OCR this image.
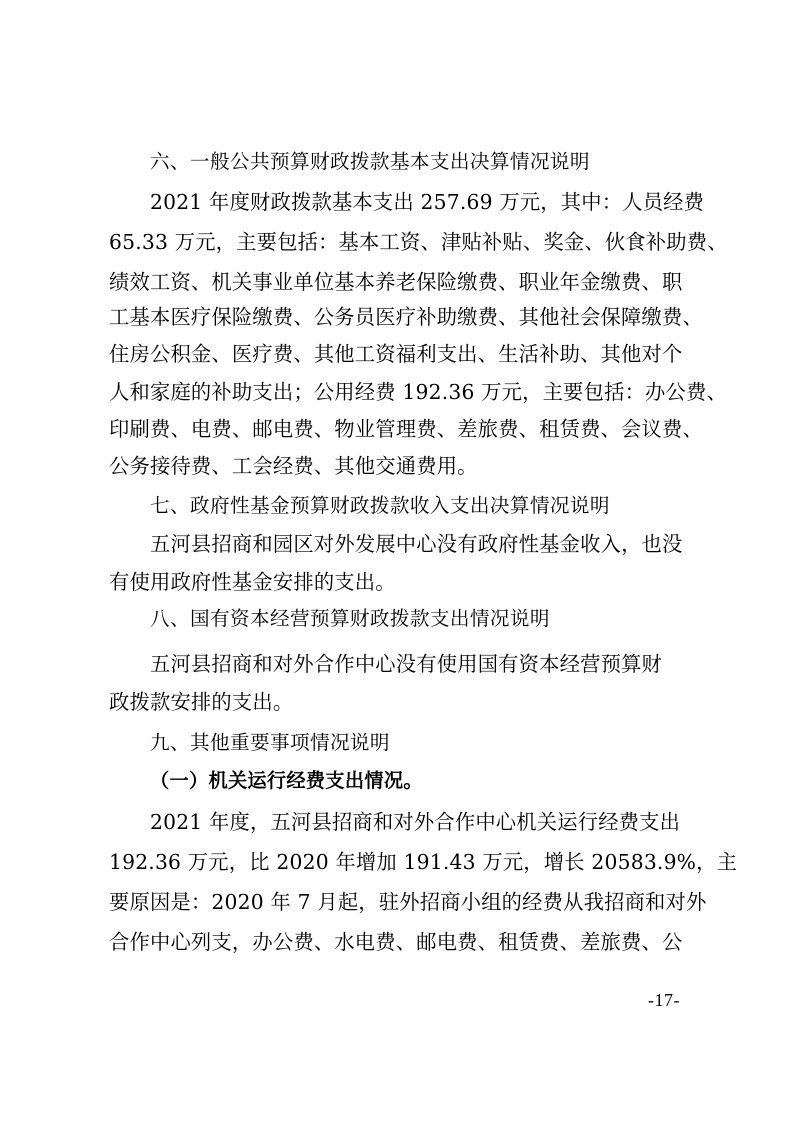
六、一般公共预算财政拨款基本支出决算情况说明
2021 年度财政拨款基本支出 257.69 万元，其中：人员经费
65.33 万元，主要包括：基本工资、津贴补贴、奖金、伙食补助费、
绩效工资、机关事业单位基本养老保险缴费、职业年金缴费、职
工基本医疗保险缴费、公务员医疗补助缴费、其他社会保障缴费、
住房公积金、医疗费、其他工资福利支出、生活补助、其他对个
人和家庭的补助支出；公用经费 192.36 万元，主要包括：办公费、
印刷费、电费、邮电费、物业管理费、差旅费、租赁费、会议费、
公务接待费、工会经费、其他交通费用。
七、政府性基金预算财政拨款收入支出决算情况说明
五河县招商和园区对外发展中心没有政府性基金收入，也没
有使用政府性基金安排的支出。
八、国有资本经营预算财政拨款支出情况说明
五河县招商和对外合作中心没有使用国有资本经营预算财
政拨款安排的支出。
九、其他重要事项情况说明
（一）机关运行经费支出情况。
2021 年度，五河县招商和对外合作中心机关运行经费支出
192.36 万元，比 2020 年增加 191.43 万元，增长 20583.9%，主
要原因是：2020 年 7 月起，驻外招商小组的经费从我招商和对外
合作中心列支，办公费、水电费、邮电费、租赁费、差旅费、公
-17-
